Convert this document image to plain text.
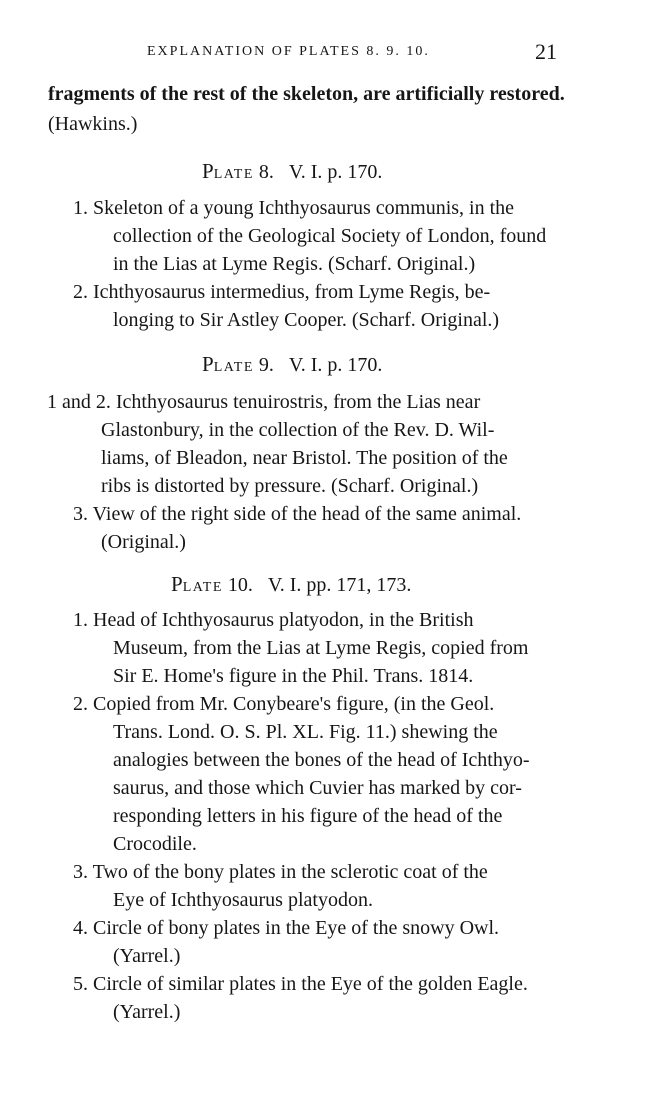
EXPLANATION OF PLATES 8. 9. 10.	21
fragments of the rest of the skeleton, are artificially restored.
(Hawkins.)
PLATE 8. V. I. p. 170.
1. Skeleton of a young Ichthyosaurus communis, in the
collection of the Geological Society of London, found
in the Lias at Lyme Regis. (Scharf. Original.)
2. Ichthyosaurus intermedius, from Lyme Regis, be-
longing to Sir Astley Cooper. (Scharf. Original.)
PLATE 9. V. I. p. 170.
1 and 2. Ichthyosaurus tenuirostris, from the Lias near
Glastonbury, in the collection of the Rev. D. Wil-
liams, of Bleadon, near Bristol. The position of the
ribs is distorted by pressure. (Scharf. Original.)
3. View of the right side of the head of the same animal.
(Original.)
PLATE 10. V. I. pp. 171, 173.
1. Head of Ichthyosaurus platyodon, in the British
Museum, from the Lias at Lyme Regis, copied from
Sir E. Home's figure in the Phil. Trans. 1814.
2. Copied from Mr. Conybeare's figure, (in the Geol.
Trans. Lond. O. S. Pl. XL. Fig. 11.) shewing the
analogies between the bones of the head of Ichthyo-
saurus, and those which Cuvier has marked by cor-
responding letters in his figure of the head of the
Crocodile.
3. Two of the bony plates in the sclerotic coat of the
Eye of Ichthyosaurus platyodon.
4. Circle of bony plates in the Eye of the snowy Owl.
(Yarrel.)
5. Circle of similar plates in the Eye of the golden Eagle.
(Yarrel.)
